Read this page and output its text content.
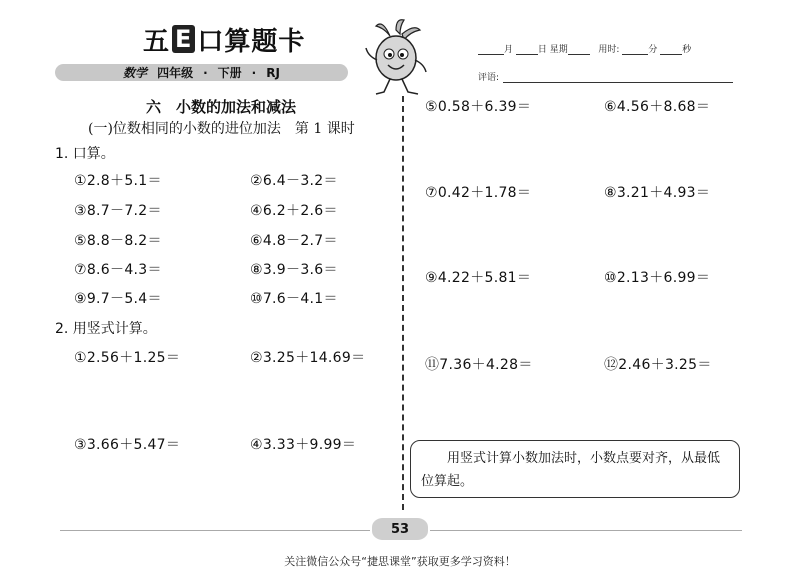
五 E 口算题卡
数学 四年级 · 下册 · RJ
月	日 星期	用时:	分	秒
评语:
六　小数的加法和减法
(一)位数相同的小数的进位加法　第 1 课时
1. 口算。
①2.8＋5.1＝	②6.4－3.2＝
③8.7－7.2＝	④6.2＋2.6＝
⑤8.8－8.2＝	⑥4.8－2.7＝
⑦8.6－4.3＝	⑧3.9－3.6＝
⑨9.7－5.4＝	⑩7.6－4.1＝
2. 用竖式计算。
①2.56＋1.25＝	②3.25＋14.69＝
③3.66＋5.47＝	④3.33＋9.99＝
⑤0.58＋6.39＝	⑥4.56＋8.68＝
⑦0.42＋1.78＝	⑧3.21＋4.93＝
⑨4.22＋5.81＝	⑩2.13＋6.99＝
⑪7.36＋4.28＝	⑫2.46＋3.25＝
用竖式计算小数加法时，小数点要对齐，从最低位算起。
53
关注微信公众号“捷思课堂”获取更多学习资料！
